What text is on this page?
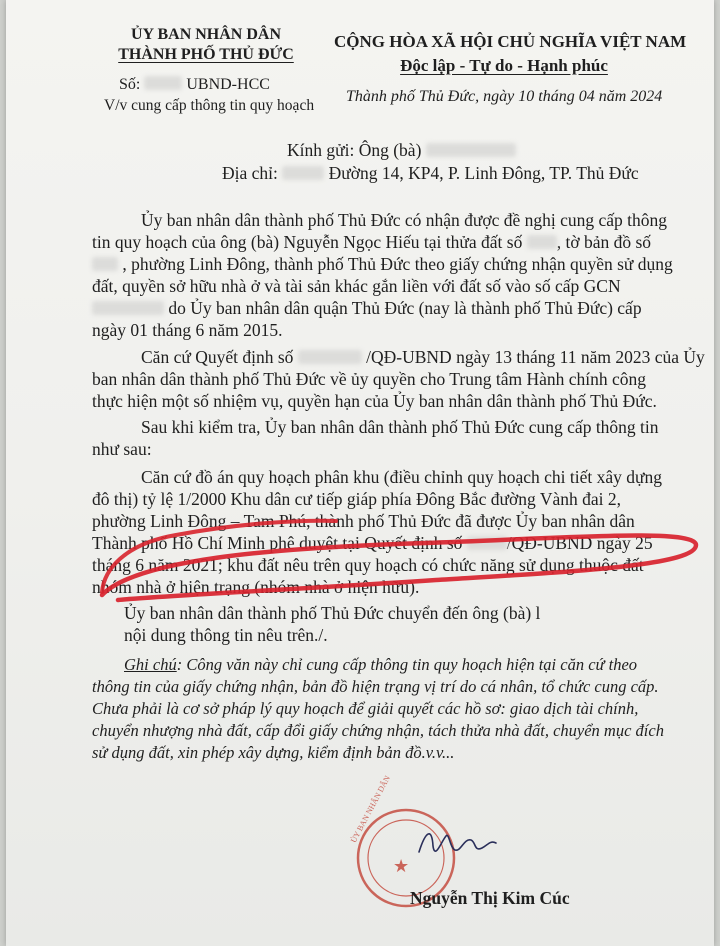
ỦY BAN NHÂN DÂN
THÀNH PHỐ THỦ ĐỨC
Số:	UBND-HCC
V/v cung cấp thông tin quy hoạch
CỘNG HÒA XÃ HỘI CHỦ NGHĨA VIỆT NAM
Độc lập - Tự do - Hạnh phúc
Thành phố Thủ Đức, ngày 10 tháng 04 năm 2024
Kính gửi: Ông (bà)
Địa chỉ:	Đường 14, KP4, P. Linh Đông, TP. Thủ Đức
Ủy ban nhân dân thành phố Thủ Đức có nhận được đề nghị cung cấp thông
tin quy hoạch của ông (bà) Nguyễn Ngọc Hiếu tại thửa đất số , tờ bản đồ số
, phường Linh Đông, thành phố Thủ Đức theo giấy chứng nhận quyền sử dụng
đất, quyền sở hữu nhà ở và tài sản khác gắn liền với đất số vào số cấp GCN
do Ủy ban nhân dân quận Thủ Đức (nay là thành phố Thủ Đức) cấp
ngày 01 tháng 6 năm 2015.
Căn cứ Quyết định số	/QĐ-UBND ngày 13 tháng 11 năm 2023 của Ủy
ban nhân dân thành phố Thủ Đức về ủy quyền cho Trung tâm Hành chính công
thực hiện một số nhiệm vụ, quyền hạn của Ủy ban nhân dân thành phố Thủ Đức.
Sau khi kiểm tra, Ủy ban nhân dân thành phố Thủ Đức cung cấp thông tin
như sau:
Căn cứ đồ án quy hoạch phân khu (điều chỉnh quy hoạch chi tiết xây dựng
đô thị) tỷ lệ 1/2000 Khu dân cư tiếp giáp phía Đông Bắc đường Vành đai 2,
phường Linh Đông – Tam Phú, thành phố Thủ Đức đã được Ủy ban nhân dân
Thành phố Hồ Chí Minh phê duyệt tại Quyết định số	/QĐ-UBND ngày 25
tháng 6 năm 2021; khu đất nêu trên quy hoạch có chức năng sử dụng thuộc đất
nhóm nhà ở hiện trạng (nhóm nhà ở hiện hữu).
Ủy ban nhân dân thành phố Thủ Đức chuyển đến ông (bà) l
nội dung thông tin nêu trên./.
Ghi chú: Công văn này chỉ cung cấp thông tin quy hoạch hiện tại căn cứ theo
thông tin của giấy chứng nhận, bản đồ hiện trạng vị trí do cá nhân, tổ chức cung cấp.
Chưa phải là cơ sở pháp lý quy hoạch để giải quyết các hồ sơ: giao dịch tài chính,
chuyển nhượng nhà đất, cấp đổi giấy chứng nhận, tách thửa nhà đất, chuyển mục đích
sử dụng đất, xin phép xây dựng, kiểm định bản đồ.v.v...
ỦY BAN NHÂN DÂN
★
Nguyễn Thị Kim Cúc
